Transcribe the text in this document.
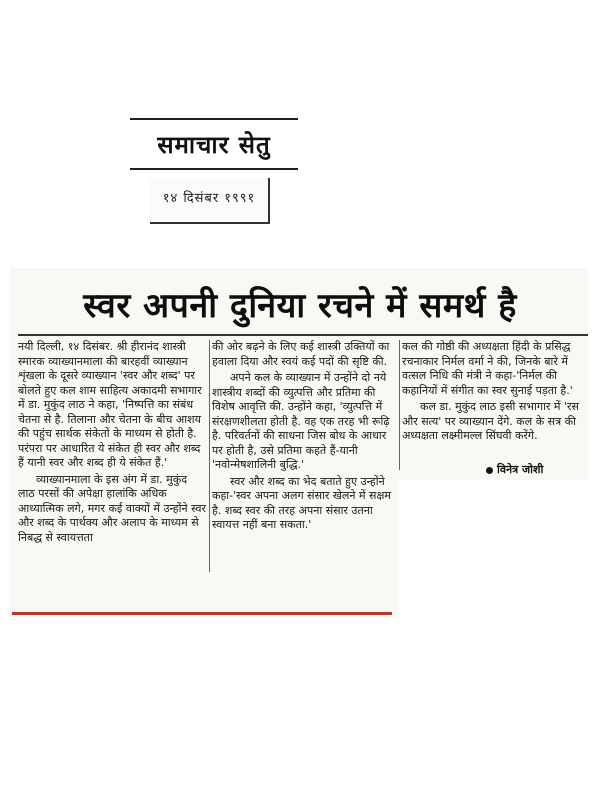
समाचार सेतु
१४ दिसंबर १९९१
स्वर अपनी दुनिया रचने में समर्थ है

नयी दिल्ली, १४ दिसंबर. श्री हीरानंद शास्त्री स्मारक व्याख्यानमाला की बारहवीं व्याख्यान शृंखला के दूसरे व्याख्यान 'स्वर और शब्द' पर बोलते हुए कल शाम साहित्य अकादमी सभागार में डा. मुकुंद लाठ ने कहा, 'निष्पत्ति का संबंध चेतना से है. तिलाना और चेतना के बीच आशय की पहुंच सार्थक संकेतों के माध्यम से होती है. परंपरा पर आधारित ये संकेत ही स्वर और शब्द हैं यानी स्वर और शब्द ही ये संकेत हैं.'

व्याख्यानमाला के इस अंग में डा. मुकुंद लाठ परसों की अपेक्षा हालांकि अधिक आध्यात्मिक लगे, मगर कई वाक्यों में उन्होंने स्वर और शब्द के पार्थक्य और अलाप के माध्यम से निबद्ध से स्वायत्तता

की ओर बढ़ने के लिए कई शास्त्री उक्तियों का हवाला दिया और स्वयं कई पदों की सृष्टि की.

अपने कल के व्याख्यान में उन्होंने दो नये शास्त्रीय शब्दों की व्युत्पत्ति और प्रतिमा की विशेष आवृत्ति की. उन्होंने कहा, 'व्युत्पत्ति में संरक्षणशीलता होती है. वह एक तरह भी रूढ़ि है. परिवर्तनों की साधना जिस बोध के आधार पर होती है, उसे प्रतिमा कहते हैं-यानी 'नवोन्मेषशालिनी बुद्धि.'

स्वर और शब्द का भेद बताते हुए उन्होंने कहा-'स्वर अपना अलग संसार खेलने में सक्षम है. शब्द स्वर की तरह अपना संसार उतना स्वायत्त नहीं बना सकता.'

कल की गोष्ठी की अध्यक्षता हिंदी के प्रसिद्ध रचनाकार निर्मल वर्मा ने की, जिनके बारे में वत्सल निधि की मंत्री ने कहा-'निर्मल की कहानियों में संगीत का स्वर सुनाई पड़ता है.'

कल डा. मुकुंद लाठ इसी सभागार में 'रस और सत्य' पर व्याख्यान देंगे. कल के सत्र की अध्यक्षता लक्ष्मीमल्ल सिंघवी करेंगे.

विनेत्र जोशी
